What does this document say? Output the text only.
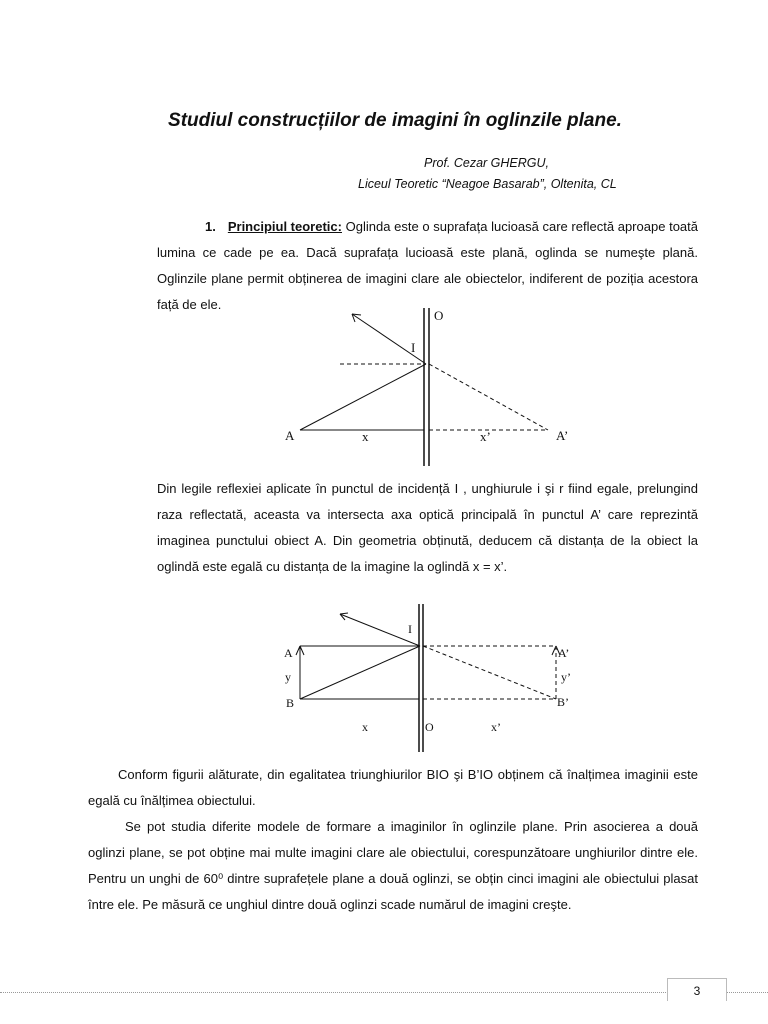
Studiul construcțiilor de imagini în oglinzile plane.
Prof. Cezar GHERGU,
Liceul Teoretic “Neagoe Basarab”, Oltenita, CL
1. Principiul teoretic: Oglinda este o suprafața lucioasă care reflectă aproape toată lumina ce cade pe ea. Dacă suprafața lucioasă este plană, oglinda se numeşte plană. Oglinzile plane permit obținerea de imagini clare ale obiectelor, indiferent de poziția acestora față de ele.
O
I
A	x	x’	A’
I
A
y
B
x	O	x’
A’
y’
B’
Din legile reflexiei aplicate în punctul de incidență I , unghiurule i şi r fiind egale, prelungind raza reflectată, aceasta va intersecta axa optică principală în punctul A’ care reprezintă imaginea punctului obiect A. Din geometria obținută, deducem că distanța de la obiect la oglindă este egală cu distanța de la imagine la oglindă x = x’.
Conform figurii alăturate, din egalitatea triunghiurilor BIO şi B’IO obținem că înalțimea imaginii este egală cu înălțimea obiectului.
Se pot studia diferite modele de formare a imaginilor în oglinzile plane. Prin asocierea a două oglinzi plane, se pot obține mai multe imagini clare ale obiectului, corespunzătoare unghiurilor dintre ele. Pentru un unghi de 60⁰ dintre suprafețele plane a două oglinzi, se obțin cinci imagini ale obiectului plasat între ele. Pe măsură ce unghiul dintre două oglinzi scade numărul de imagini creşte.
3
